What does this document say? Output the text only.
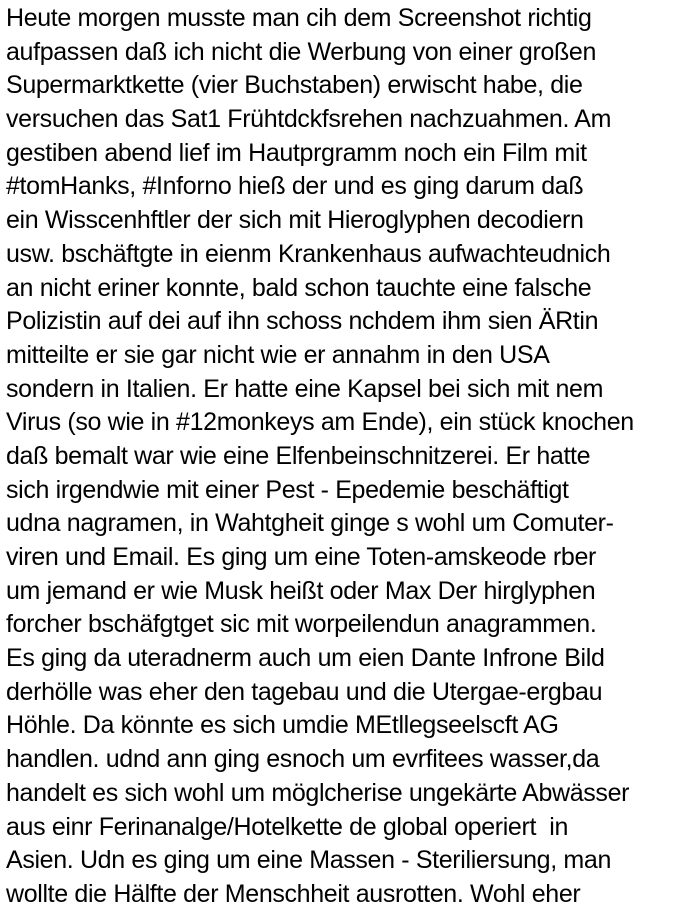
Heute morgen musste man cih dem Screenshot richtig
aufpassen daß ich nicht die Werbung von einer großen
Supermarktkette (vier Buchstaben) erwischt habe, die
versuchen das Sat1 Frühtdckfsrehen nachzuahmen. Am
gestiben abend lief im Hautprgramm noch ein Film mit
#tomHanks, #Inforno hieß der und es ging darum daß
ein Wisscenhftler der sich mit Hieroglyphen decodiern
usw. bschäftgte in eienm Krankenhaus aufwachteudnich
an nicht eriner konnte, bald schon tauchte eine falsche
Polizistin auf dei auf ihn schoss nchdem ihm sien ÄRtin
mitteilte er sie gar nicht wie er annahm in den USA
sondern in Italien. Er hatte eine Kapsel bei sich mit nem
Virus (so wie in #12monkeys am Ende), ein stück knochen
daß bemalt war wie eine Elfenbeinschnitzerei. Er hatte
sich irgendwie mit einer Pest - Epedemie beschäftigt
udna nagramen, in Wahtgheit ginge s wohl um Comuter-
viren und Email. Es ging um eine Toten-amskeode rber
um jemand er wie Musk heißt oder Max Der hirglyphen
forcher bschäfgtget sic mit worpeilendun anagrammen.
Es ging da uteradnerm auch um eien Dante Infrone Bild
derhölle was eher den tagebau und die Utergae-ergbau
Höhle. Da könnte es sich umdie MEtllegseelscft AG
handlen. udnd ann ging esnoch um evrfitees wasser,da
handelt es sich wohl um möglcherise ungekärte Abwässer
aus einr Ferinanalge/Hotelkette de global operiert  in
Asien. Udn es ging um eine Massen - Steriliersung, man
wollte die Hälfte der Menschheit ausrotten. Wohl eher
